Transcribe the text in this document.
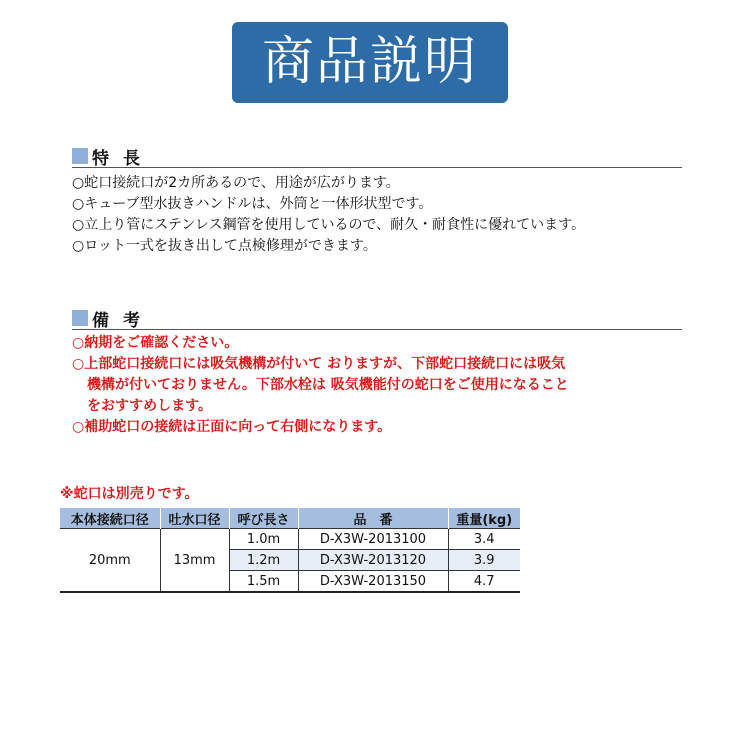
商品説明
特長
○蛇口接続口が2カ所あるので、用途が広がります。
○キューブ型水抜きハンドルは、外筒と一体形状型です。
○立上り管にステンレス鋼管を使用しているので、耐久・耐食性に優れています。
○ロット一式を抜き出して点検修理ができます。
備考
○納期をご確認ください。
○上部蛇口接続口には吸気機構が付いて おりますが、下部蛇口接続口には吸気
機構が付いておりません。下部水栓は 吸気機能付の蛇口をご使用になること
をおすすめします。
○補助蛇口の接続は正面に向って右側になります。
※蛇口は別売りです。
本体接続口径	吐水口径	呼び長さ	品　番	重量(kg)
20mm	13mm	1.0m	D-X3W-2013100	3.4
		1.2m	D-X3W-2013120	3.9
		1.5m	D-X3W-2013150	4.7
